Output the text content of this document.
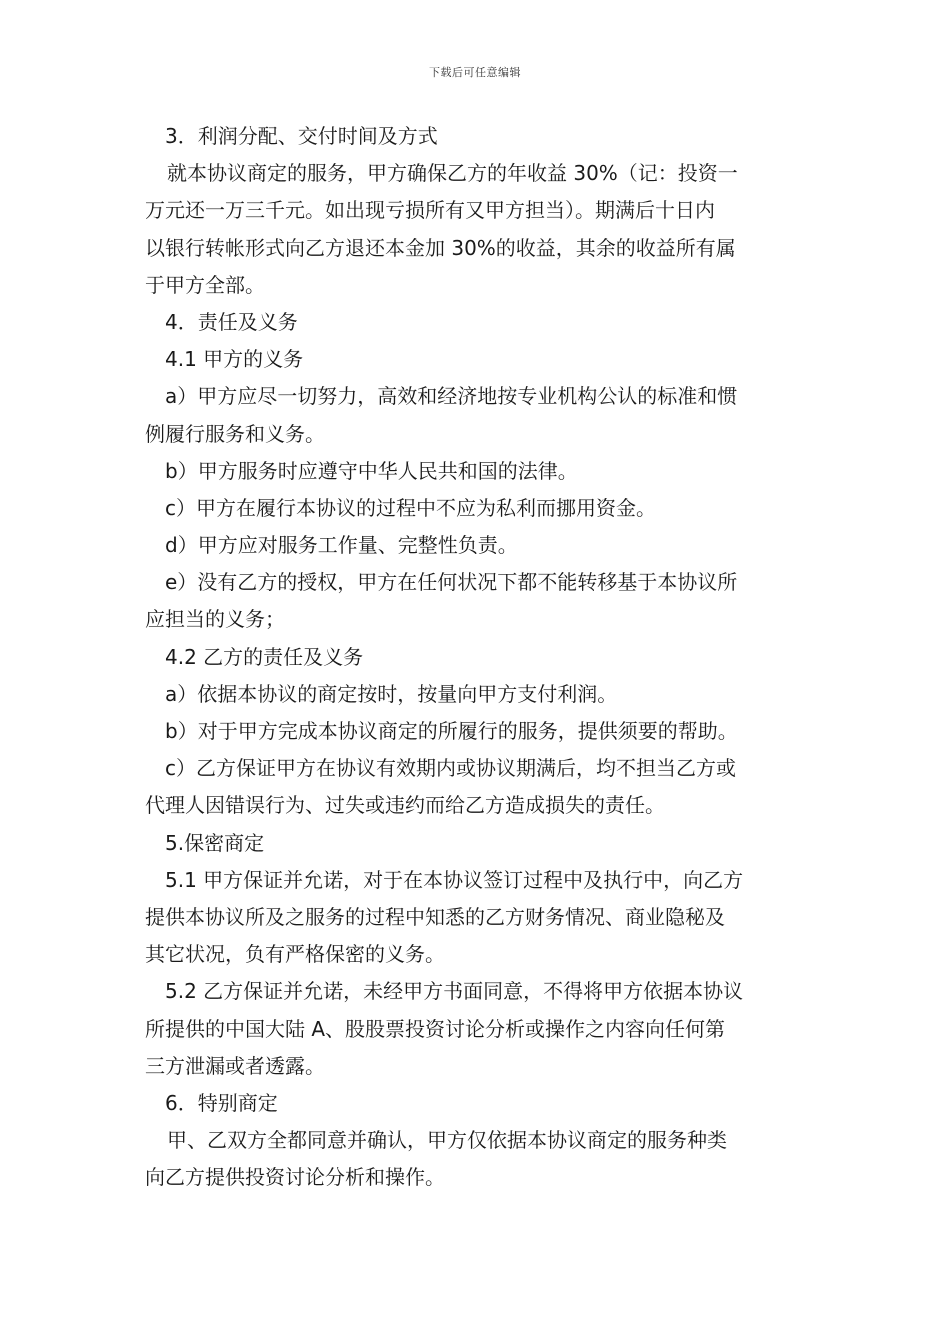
下载后可任意编辑
3．利润分配、交付时间及方式
就本协议商定的服务，甲方确保乙方的年收益 30%（记：投资一
万元还一万三千元。如出现亏损所有又甲方担当）。期满后十日内
以银行转帐形式向乙方退还本金加 30%的收益，其余的收益所有属
于甲方全部。
4．责任及义务
4.1 甲方的义务
a）甲方应尽一切努力，高效和经济地按专业机构公认的标准和惯
例履行服务和义务。
b）甲方服务时应遵守中华人民共和国的法律。
c）甲方在履行本协议的过程中不应为私利而挪用资金。
d）甲方应对服务工作量、完整性负责。
e）没有乙方的授权，甲方在任何状况下都不能转移基于本协议所
应担当的义务；
4.2 乙方的责任及义务
a）依据本协议的商定按时，按量向甲方支付利润。
b）对于甲方完成本协议商定的所履行的服务，提供须要的帮助。
c）乙方保证甲方在协议有效期内或协议期满后，均不担当乙方或
代理人因错误行为、过失或违约而给乙方造成损失的责任。
5.保密商定
5.1 甲方保证并允诺，对于在本协议签订过程中及执行中，向乙方
提供本协议所及之服务的过程中知悉的乙方财务情况、商业隐秘及
其它状况，负有严格保密的义务。
5.2 乙方保证并允诺，未经甲方书面同意，不得将甲方依据本协议
所提供的中国大陆 A、股股票投资讨论分析或操作之内容向任何第
三方泄漏或者透露。
6．特别商定
甲、乙双方全都同意并确认，甲方仅依据本协议商定的服务种类
向乙方提供投资讨论分析和操作。
